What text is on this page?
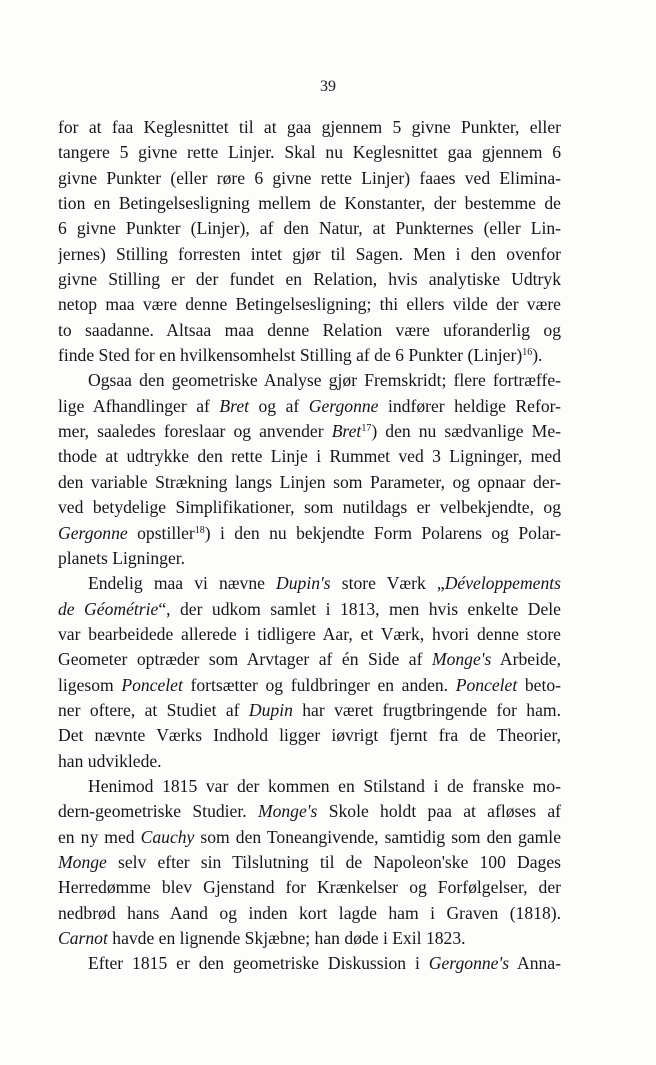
39
for at faa Keglesnittet til at gaa gjennem 5 givne Punkter, eller
tangere 5 givne rette Linjer. Skal nu Keglesnittet gaa gjennem 6
givne Punkter (eller røre 6 givne rette Linjer) faaes ved Elimina-
tion en Betingelsesligning mellem de Konstanter, der bestemme de
6 givne Punkter (Linjer), af den Natur, at Punkternes (eller Lin-
jernes) Stilling forresten intet gjør til Sagen. Men i den ovenfor
givne Stilling er der fundet en Relation, hvis analytiske Udtryk
netop maa være denne Betingelsesligning; thi ellers vilde der være
to saadanne. Altsaa maa denne Relation være uforanderlig og
finde Sted for en hvilkensomhelst Stilling af de 6 Punkter (Linjer)$^{16}$).
Ogsaa den geometriske Analyse gjør Fremskridt; flere fortræffe-
lige Afhandlinger af Bret og af Gergonne indfører heldige Refor-
mer, saaledes foreslaar og anvender Bret$^{17}$) den nu sædvanlige Me-
thode at udtrykke den rette Linje i Rummet ved 3 Ligninger, med
den variable Strækning langs Linjen som Parameter, og opnaar der-
ved betydelige Simplifikationer, som nutildags er velbekjendte, og
Gergonne opstiller$^{18}$) i den nu bekjendte Form Polarens og Polar-
planets Ligninger.
Endelig maa vi nævne Dupin's store Værk „Développements
de Géométrie“, der udkom samlet i 1813, men hvis enkelte Dele
var bearbeidede allerede i tidligere Aar, et Værk, hvori denne store
Geometer optræder som Arvtager af én Side af Monge's Arbeide,
ligesom Poncelet fortsætter og fuldbringer en anden. Poncelet beto-
ner oftere, at Studiet af Dupin har været frugtbringende for ham.
Det nævnte Værks Indhold ligger iøvrigt fjernt fra de Theorier,
han udviklede.
Henimod 1815 var der kommen en Stilstand i de franske mo-
dern-geometriske Studier. Monge's Skole holdt paa at afløses af
en ny med Cauchy som den Toneangivende, samtidig som den gamle
Monge selv efter sin Tilslutning til de Napoleon'ske 100 Dages
Herredømme blev Gjenstand for Krænkelser og Forfølgelser, der
nedbrød hans Aand og inden kort lagde ham i Graven (1818).
Carnot havde en lignende Skjæbne; han døde i Exil 1823.
Efter 1815 er den geometriske Diskussion i Gergonne's Anna-
